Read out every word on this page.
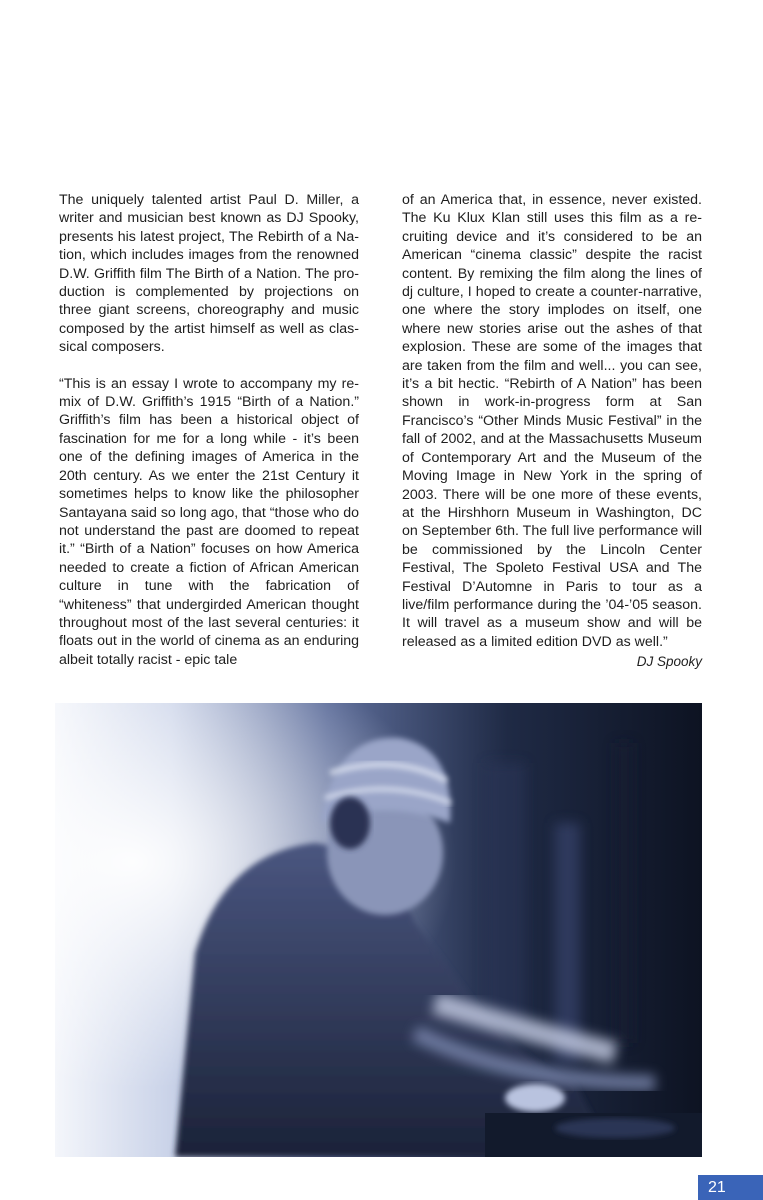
The uniquely talented artist Paul D. Miller, a writer and musician best known as DJ Spooky, presents his latest project, The Rebirth of a Nation, which includes images from the renowned D.W. Griffith film The Birth of a Nation. The production is complemented by projections on three giant screens, choreography and music composed by the artist himself as well as classical composers.

“This is an essay I wrote to accompany my remix of D.W. Griffith’s 1915 “Birth of a Nation.” Griffith’s film has been a historical object of fascination for me for a long while - it’s been one of the defining images of America in the 20th century. As we enter the 21st Century it sometimes helps to know like the philosopher Santayana said so long ago, that “those who do not understand the past are doomed to repeat it.” “Birth of a Nation” focuses on how America needed to create a fiction of African American culture in tune with the fabrication of “whiteness” that undergirded American thought throughout most of the last several centuries: it floats out in the world of cinema as an enduring albeit totally racist - epic tale

of an America that, in essence, never existed. The Ku Klux Klan still uses this film as a recruiting device and it’s considered to be an American “cinema classic” despite the racist content. By remixing the film along the lines of dj culture, I hoped to create a counter-narrative, one where the story implodes on itself, one where new stories arise out the ashes of that explosion. These are some of the images that are taken from the film and well... you can see, it’s a bit hectic. “Rebirth of A Nation” has been shown in work-in-progress form at San Francisco’s “Other Minds Music Festival” in the fall of 2002, and at the Massachusetts Museum of Contemporary Art and the Museum of the Moving Image in New York in the spring of 2003. There will be one more of these events, at the Hirshhorn Museum in Washington, DC on September 6th. The full live performance will be commissioned by the Lincoln Center Festival, The Spoleto Festival USA and The Festival D’Automne in Paris to tour as a live/film performance during the ’04-’05 season. It will travel as a museum show and will be released as a limited edition DVD as well.”

DJ Spooky

21
